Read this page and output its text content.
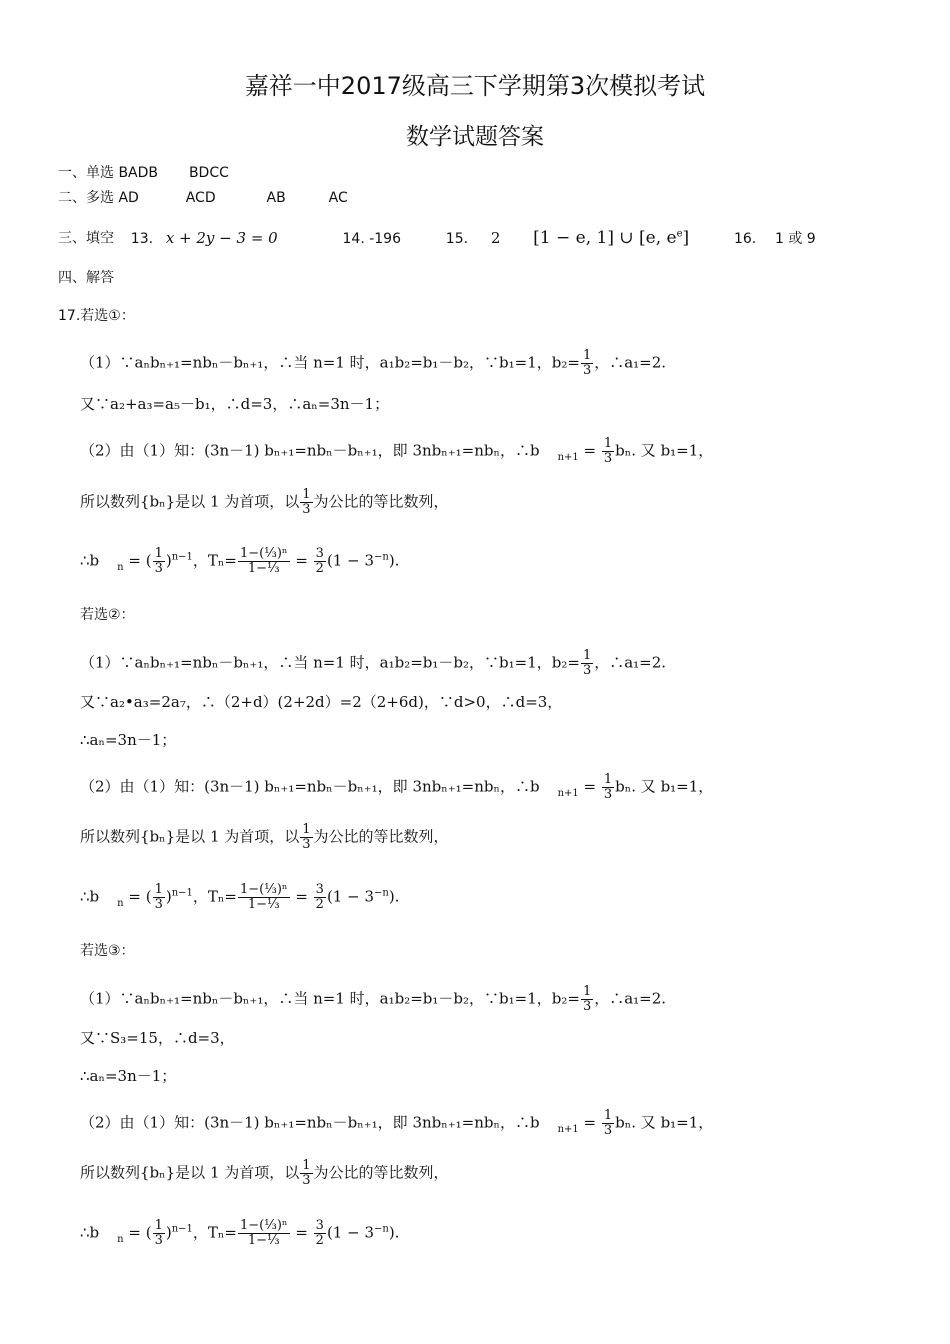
嘉祥一中2017级高三下学期第3次模拟考试
数学试题答案
一、单选 BADB BDCC
二、多选 AD	ACD	AB	AC
三、填空 13. x + 2y − 3 = 0	14. -196	15. 2 [1 − e, 1] ∪ [e, $e^e$]	16. 1 或 9
四、解答
17.若选①：
（1）∵aₙbₙ₊₁=nbₙ－bₙ₊₁，∴当 n=1 时，a₁b₂=b₁－b₂，∵b₁=1，$b_2= \frac{1}{3}$ ，∴a₁=2.
又∵a₂+a₃=a₅－b₁，∴d=3，∴aₙ=3n－1；
（2）由（1）知：(3n－1) bₙ₊₁=nbₙ－bₙ₊₁，即 3nbₙ₊₁=nbₙ，∴b $_{n+1} = \frac{1}{3} b_n$. 又 b₁=1，
所以数列{bₙ}是以 1 为首项，以 $\frac{1}{3}$ 为公比的等比数列，
∴b $_n$ = ( $\frac{1}{3} )^{n-1}$，$T_n= \frac{\text{1−(⅓)ⁿ}}{\text{1−⅓}} = \frac{3}{2} (1 - 3^{-n})$.
若选②：
（1）∵aₙbₙ₊₁=nbₙ－bₙ₊₁，∴当 n=1 时，a₁b₂=b₁－b₂，∵b₁=1，$b_2= \frac{1}{3}$ ，∴a₁=2.
又∵a₂•a₃=2a₇，∴（2+d）(2+2d）=2（2+6d)，∵d>0，∴d=3，
∴aₙ=3n－1；
（2）由（1）知：(3n－1) bₙ₊₁=nbₙ－bₙ₊₁，即 3nbₙ₊₁=nbₙ，∴b $_{n+1} = \frac{1}{3} b_n$. 又 b₁=1，
所以数列{bₙ}是以 1 为首项，以 $\frac{1}{3}$ 为公比的等比数列，
∴b $_n$ = ( $\frac{1}{3} )^{n-1}$，$T_n= \frac{\text{1−(⅓)ⁿ}}{\text{1−⅓}} = \frac{3}{2} (1 - 3^{-n})$.
若选③：
（1）∵aₙbₙ₊₁=nbₙ－bₙ₊₁，∴当 n=1 时，a₁b₂=b₁－b₂，∵b₁=1，$b_2= \frac{1}{3}$ ，∴a₁=2.
又∵S₃=15，∴d=3，
∴aₙ=3n－1；
（2）由（1）知：(3n－1) bₙ₊₁=nbₙ－bₙ₊₁，即 3nbₙ₊₁=nbₙ，∴b $_{n+1} = \frac{1}{3} b_n$. 又 b₁=1，
所以数列{bₙ}是以 1 为首项，以 $\frac{1}{3}$ 为公比的等比数列，
∴b $_n$ = ( $\frac{1}{3} )^{n-1}$，$T_n= \frac{\text{1−(⅓)ⁿ}}{\text{1−⅓}} = \frac{3}{2} (1 - 3^{-n})$.
